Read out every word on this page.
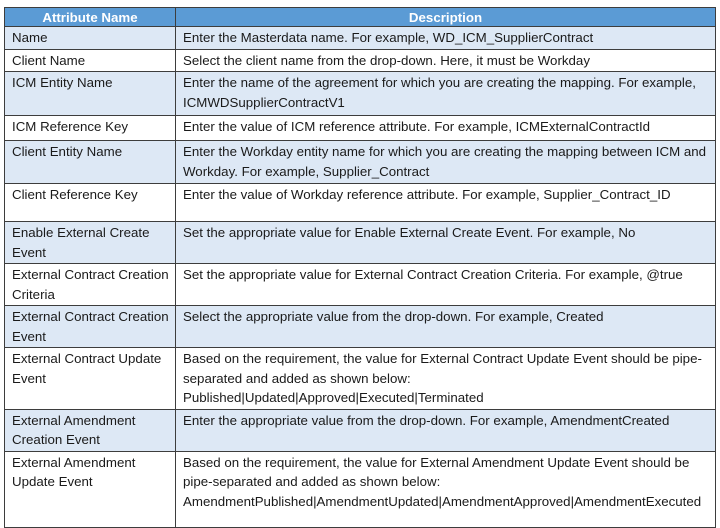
Attribute Name	Description
Name	Enter the Masterdata name. For example, WD_ICM_SupplierContract
Client Name	Select the client name from the drop-down. Here, it must be Workday
ICM Entity Name	Enter the name of the agreement for which you are creating the mapping. For example, ICMWDSupplierContractV1
ICM Reference Key	Enter the value of ICM reference attribute. For example, ICMExternalContractId
Client Entity Name	Enter the Workday entity name for which you are creating the mapping between ICM and Workday. For example, Supplier_Contract
Client Reference Key	Enter the value of Workday reference attribute. For example, Supplier_Contract_ID
Enable External Create Event	Set the appropriate value for Enable External Create Event. For example, No
External Contract Creation Criteria	Set the appropriate value for External Contract Creation Criteria. For example, @true
External Contract Creation Event	Select the appropriate value from the drop-down. For example, Created
External Contract Update Event	Based on the requirement, the value for External Contract Update Event should be pipe-separated and added as shown below:
Published|Updated|Approved|Executed|Terminated
External Amendment Creation Event	Enter the appropriate value from the drop-down. For example, AmendmentCreated
External Amendment Update Event	Based on the requirement, the value for External Amendment Update Event should be pipe-separated and added as shown below:
AmendmentPublished|AmendmentUpdated|AmendmentApproved|AmendmentExecuted
